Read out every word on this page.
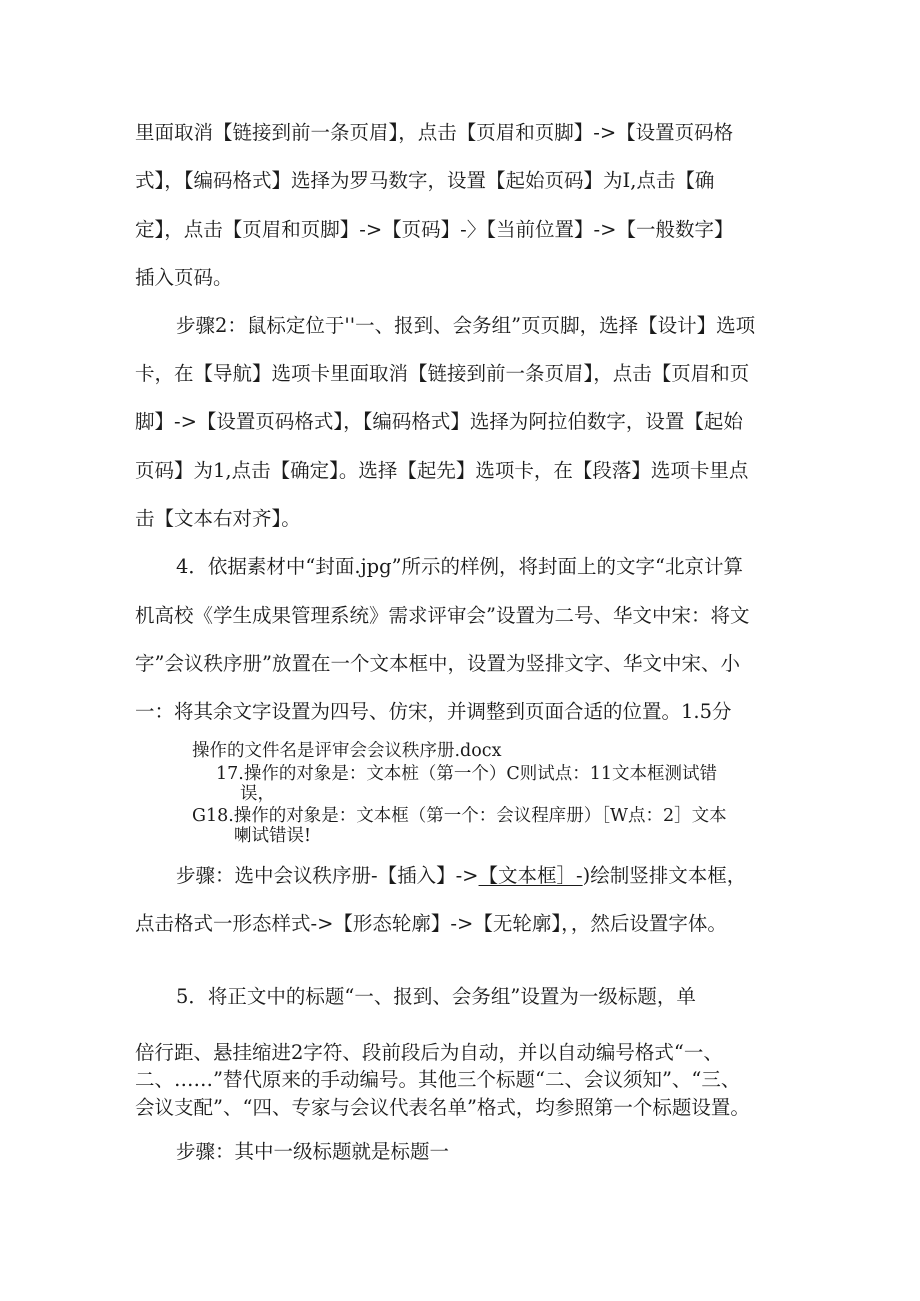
里面取消【链接到前一条页眉】，点击【页眉和页脚】->【设置页码格
式】，【编码格式】选择为罗马数字，设置【起始页码】为I,点击【确
定】，点击【页眉和页脚】->【页码】-〉【当前位置】->【一般数字】
插入页码。
步骤2：鼠标定位于''一、报到、会务组”页页脚，选择【设计】选项
卡，在【导航】选项卡里面取消【链接到前一条页眉】，点击【页眉和页
脚】->【设置页码格式】，【编码格式】选择为阿拉伯数字，设置【起始
页码】为1,点击【确定】。选择【起先】选项卡，在【段落】选项卡里点
击【文本右对齐】。
4．依据素材中“封面.jpg”所示的样例，将封面上的文字“北京计算
机高校《学生成果管理系统》需求评审会”设置为二号、华文中宋：将文
字”会议秩序册”放置在一个文本框中，设置为竖排文字、华文中宋、小
一：将其余文字设置为四号、仿宋，并调整到页面合适的位置。1.5分
操作的文件名是评审会会议秩序册.docx
17.操作的对象是：文本桩（第一个）C则试点：11文本框测试错
误，
G18.操作的对象是：文本框（第一个：会议程庠册）［W点：2］文本
喇试错误!
步骤：选中会议秩序册-【插入】->【文本框］-)绘制竖排文本框，
点击格式一形态样式->【形态轮廓】->【无轮廓】，，然后设置字体。
5．将正文中的标题“一、报到、会务组”设置为一级标题，单
倍行距、悬挂缩进2字符、段前段后为自动，并以自动编号格式“一、
二、……”替代原来的手动编号。其他三个标题“二、会议须知”、“三、
会议支配”、“四、专家与会议代表名单”格式，均参照第一个标题设置。
步骤：其中一级标题就是标题一
